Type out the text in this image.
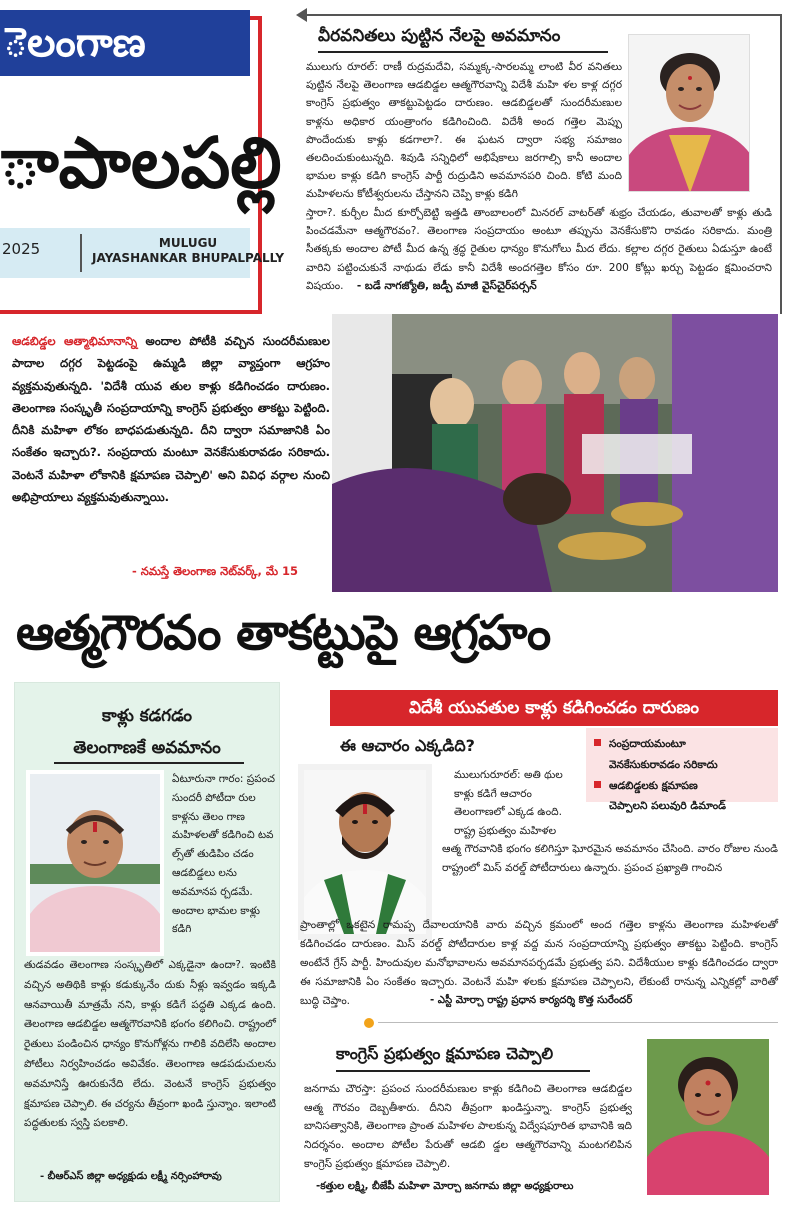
ెలంగాణ
ాపాలపల్లి
2025	MULUGU
JAYASHANKAR BHUPALPALLY
వీరవనితలు పుట్టిన నేలపై అవమానం
ములుగు రూరల్: రాణీ రుద్రమదేవి, సమ్మక్క-సారలమ్మ లాంటి వీర వనితలు పుట్టిన నేలపై తెలంగాణ ఆడబిడ్డల ఆత్మగౌరవాన్ని విదేశీ మహి ళల కాళ్ల దగ్గర కాంగ్రెస్ ప్రభుత్వం తాకట్టుపెట్టడం దారుణం. ఆడబిడ్డలతో సుందరీమణుల కాళ్లను అధికార యంత్రాంగం కడిగించింది. విదేశీ అంద గత్తెల మెప్పు పొందేందుకు కాళ్లు కడగాలా?. ఈ ఘటన ద్వారా సభ్య సమాజం తలదించుకుంటున్నది. శివుడి సన్నిధిలో అభిషేకాలు జరగాల్సి కానీ అందాల భామల కాళ్లు కడిగి కాంగ్రెస్ పార్టీ రుద్రుడిని అవమానపరి చింది. కోటి మంది మహిళలను కోటీశ్వరులను చేస్తానని చెప్పి కాళ్లు కడిగి
స్తారా?. కుర్చీల మీద కూర్చోబెట్టి ఇత్తడి తాంబాలంలో మినరల్ వాటర్‌తో శుభ్రం చేయడం, తువాలతో కాళ్లు తుడి పించడమేనా ఆత్మగౌరవం?. తెలంగాణ సంప్రదాయం అంటూ తప్పును వెనకేసుకొని రావడం సరికాదు. మంత్రి సీతక్కకు అందాల పోటీ మీద ఉన్న శ్రద్ధ రైతుల ధాన్యం కొనుగోలు మీద లేదు. కల్లాల దగ్గర రైతులు ఏడుస్తూ ఉంటే వారిని పట్టించుకునే నాథుడు లేడు కానీ విదేశీ అందగత్తెల కోసం రూ. 200 కోట్లు ఖర్చు పెట్టడం క్షమించరాని విషయం. - బడే నాగజ్యోతి, జడ్పీ మాజీ వైస్‌చైర్‌పర్సన్
ఆడబిడ్డల ఆత్మాభిమానాన్ని అందాల పోటీకి వచ్చిన సుందరీమణుల పాదాల దగ్గర పెట్టడంపై ఉమ్మడి జిల్లా వ్యాప్తంగా ఆగ్రహం వ్యక్తమవుతున్నది. 'విదేశీ యువ తుల కాళ్లు కడిగించడం దారుణం. తెలంగాణ సంస్కృతీ సంప్రదాయాన్ని కాంగ్రెస్ ప్రభుత్వం తాకట్టు పెట్టింది. దీనికి మహిళా లోకం బాధపడుతున్నది. దీని ద్వారా సమాజానికి ఏం సంకేతం ఇచ్చారు?. సంప్రదాయ మంటూ వెనకేసుకురావడం సరికాదు. వెంటనే మహిళా లోకానికి క్షమాపణ చెప్పాలి' అని వివిధ వర్గాల నుంచి అభిప్రాయాలు వ్యక్తమవుతున్నాయి.
- నమస్తే తెలంగాణ నెట్‌వర్క్, మే 15
ఆత్మగౌరవం తాకట్టుపై ఆగ్రహం
కాళ్లు కడగడం
తెలంగాణకే అవమానం
ఏటూరునా గారం: ప్రపంచ సుందరీ పోటీదా రుల కాళ్లను తెలం గాణ మహిళలతో కడిగించి టవ ల్స్‌తో తుడిపిం చడం ఆడబిడ్డలు లను అవమానప ర్చడమే. అందాల భామల కాళ్లు కడిగి
తుడవడం తెలంగాణ సంస్కృతిలో ఎక్కడైనా ఉందా?. ఇంటికి వచ్చిన అతిథికి కాళ్లు కడుక్కునేం దుకు నీళ్లు ఇవ్వడం ఇక్కడి ఆనవాయితీ మాత్రమే నని, కాళ్లు కడిగే పద్ధతి ఎక్కడ ఉంది. తెలంగాణ ఆడబిడ్డల ఆత్మగౌరవానికి భంగం కలిగించి. రాష్ట్రంలో రైతులు పండించిన ధాన్యం కొనుగోళ్లను గాలికి వదిలేసి అందాల పోటీలు నిర్వహించడం అవివేకం. తెలంగాణ ఆడపడుచులను అవమానిస్తే ఊరుకునేది లేదు. వెంటనే కాంగ్రెస్ ప్రభుత్వం క్షమాపణ చెప్పాలి. ఈ చర్యను తీవ్రంగా ఖండి స్తున్నాం. ఇలాంటి పద్ధతులకు స్వస్తి పలకాలి.
- బీఆర్‌ఎస్ జిల్లా అధ్యక్షుడు లక్ష్మీ నర్సింహారావు
విదేశీ యువతుల కాళ్లు కడిగించడం దారుణం
ఈ ఆచారం ఎక్కడిది?	సంప్రదాయమంటూ
వెనకేసుకురావడం సరికాదు
ఆడబిడ్డలకు క్షమాపణ
చెప్పాలని పలువురి డిమాండ్
ములుగురూరల్: అతి థుల కాళ్లు కడిగే ఆచారం తెలంగాణలో ఎక్కడ ఉంది. రాష్ట్ర ప్రభుత్వం మహిళల
ఆత్మ గౌరవానికి భంగం కలిగిస్తూ ఘోరమైన అవమానం చేసింది. వారం రోజుల నుండి రాష్ట్రంలో మిస్ వరల్డ్ పోటీదారులు ఉన్నారు. ప్రపంచ ప్రఖ్యాతి గాంచిన
ప్రాంతాల్లో ఒకటైన రామప్ప దేవాలయానికి వారు వచ్చిన క్రమంలో అంద గత్తెల కాళ్లను తెలంగాణ మహిళలతో కడిగించడం దారుణం. మిస్ వరల్డ్ పోటీదారుల కాళ్ల వద్ద మన సంప్రదాయాన్ని ప్రభుత్వం తాకట్టు పెట్టింది. కాంగ్రెస్ అంటేనే గ్రేస్ పార్టీ. హిందువుల మనోభావాలను అవమానపర్చడమే ప్రభుత్వ పని. విదేశీయుల కాళ్లు కడిగించడం ద్వారా ఈ సమాజానికి ఏం సంకేతం ఇచ్చారు. వెంటనే మహి ళలకు క్షమాపణ చెప్పాలని, లేకుంటే రానున్న ఎన్నికల్లో వారితో బుద్ధి చెప్తాం.	- ఎస్టీ మోర్చా రాష్ట్ర ప్రధాన కార్యదర్శి కొత్త సురేందర్
కాంగ్రెస్ ప్రభుత్వం క్షమాపణ చెప్పాలి
జనగామ చౌరస్తా: ప్రపంచ సుందరీమణుల కాళ్లు కడిగించి తెలంగాణ ఆడబిడ్డల ఆత్మ గౌరవం దెబ్బతీశారు. దీనిని తీవ్రంగా ఖండిస్తున్నా. కాంగ్రెస్ ప్రభుత్వ బానిసత్వానికి, తెలంగాణ ప్రాంత మహిళల పాలకున్న విద్వేషపూరిత భావానికి ఇది నిదర్శనం. అందాల పోటీల పేరుతో ఆడబి డ్డల ఆత్మగౌరవాన్ని మంటగలిపిన కాంగ్రెస్ ప్రభుత్వం క్షమాపణ చెప్పాలి.
-కత్తుల లక్ష్మి, బీజేపీ మహిళా మోర్చా జనగామ జిల్లా అధ్యక్షురాలు
